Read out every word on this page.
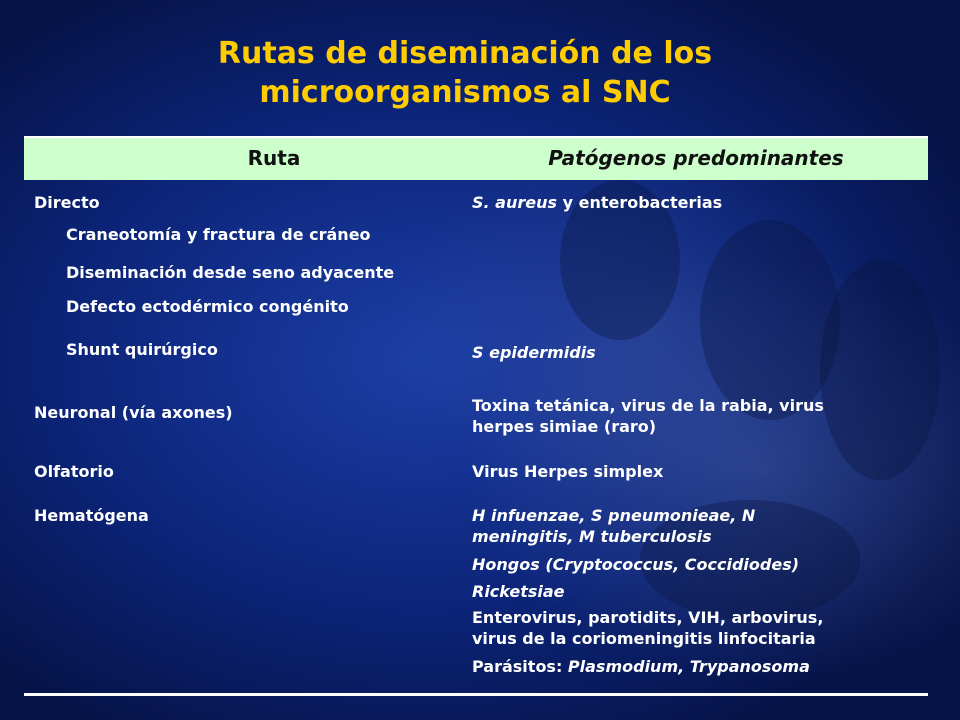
Rutas de diseminación de los
microorganismos al SNC
Ruta	Patógenos predominantes
Directo
Craneotomía y fractura de cráneo
Diseminación desde seno adyacente
Defecto ectodérmico congénito
Shunt quirúrgico
Neuronal (vía axones)
Olfatorio
Hematógena
S. aureus y enterobacterias
S epidermidis
Toxina tetánica, virus de la rabia, virus
herpes simiae (raro)
Virus Herpes simplex
H infuenzae, S pneumonieae, N
meningitis, M tuberculosis
Hongos (Cryptococcus, Coccidiodes)
Ricketsiae
Enterovirus, parotidits, VIH, arbovirus,
virus de la coriomeningitis linfocitaria
Parásitos: Plasmodium, Trypanosoma
